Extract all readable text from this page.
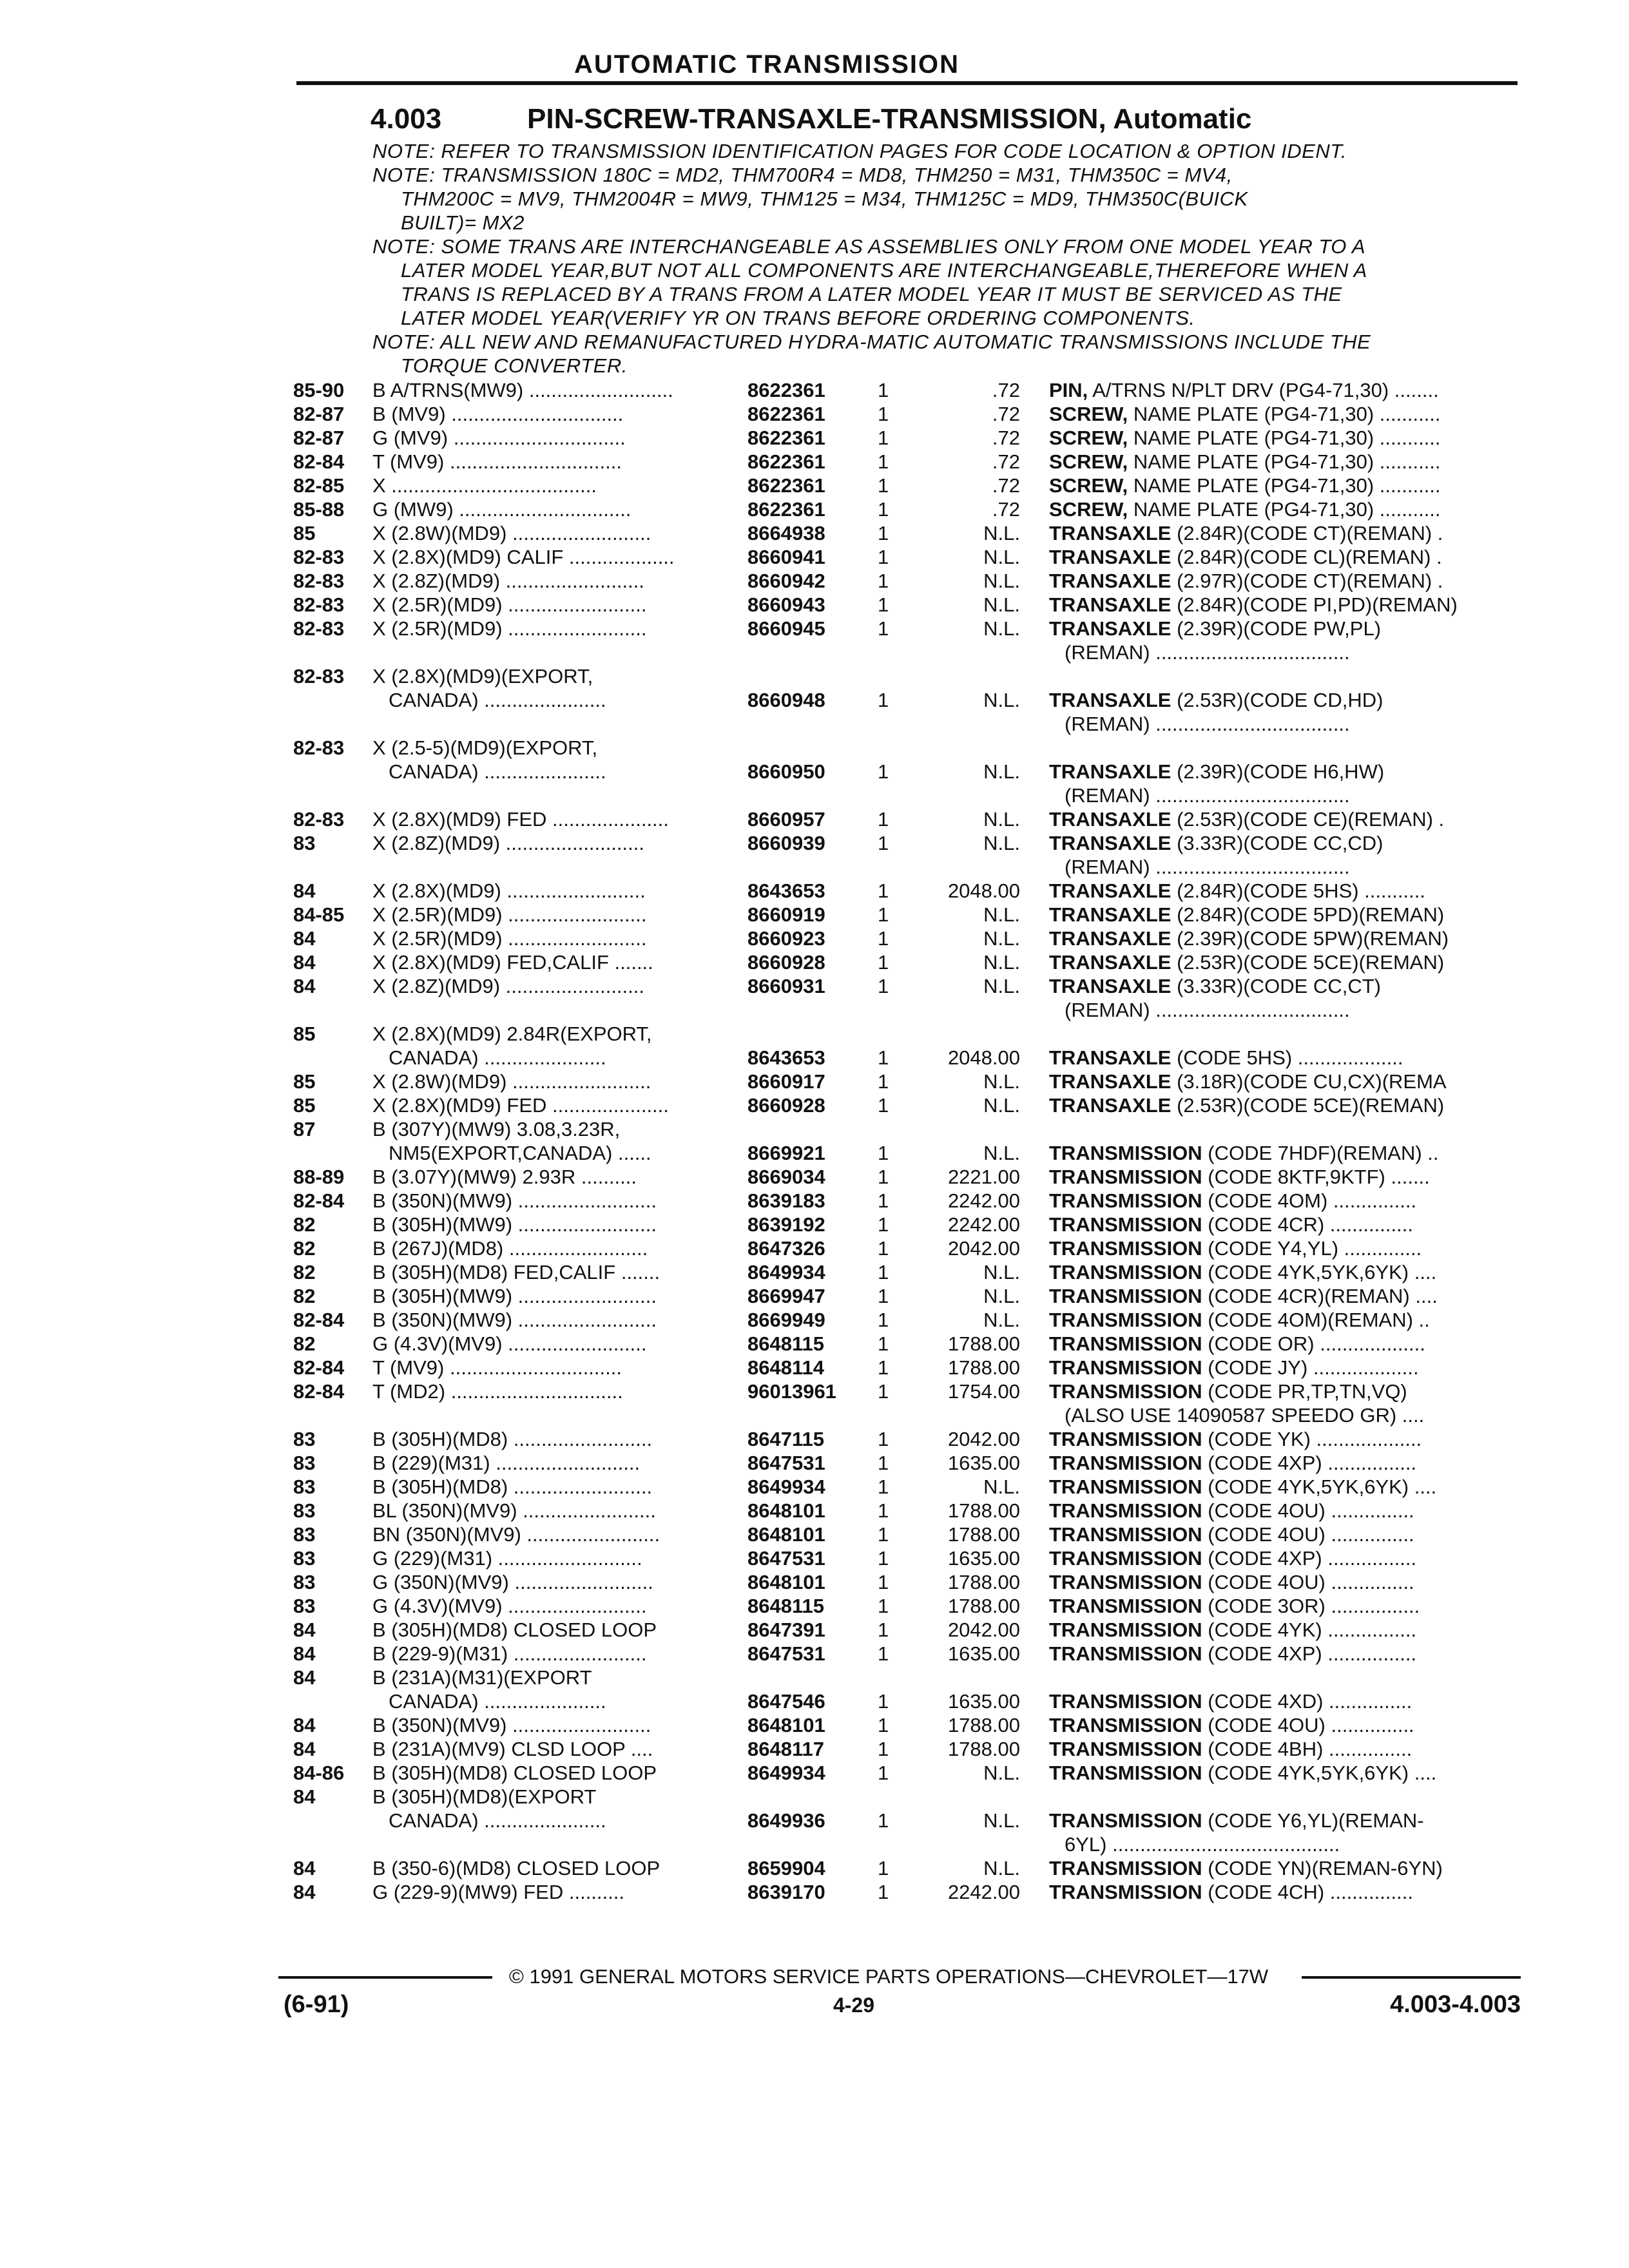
AUTOMATIC TRANSMISSION
4.003	PIN-SCREW-TRANSAXLE-TRANSMISSION, Automatic
NOTE: REFER TO TRANSMISSION IDENTIFICATION PAGES FOR CODE LOCATION & OPTION IDENT.
NOTE: TRANSMISSION 180C = MD2, THM700R4 = MD8, THM250 = M31, THM350C = MV4,
THM200C = MV9, THM2004R = MW9, THM125 = M34, THM125C = MD9, THM350C(BUICK
BUILT)= MX2
NOTE: SOME TRANS ARE INTERCHANGEABLE AS ASSEMBLIES ONLY FROM ONE MODEL YEAR TO A
LATER MODEL YEAR,BUT NOT ALL COMPONENTS ARE INTERCHANGEABLE,THEREFORE WHEN A
TRANS IS REPLACED BY A TRANS FROM A LATER MODEL YEAR IT MUST BE SERVICED AS THE
LATER MODEL YEAR(VERIFY YR ON TRANS BEFORE ORDERING COMPONENTS.
NOTE: ALL NEW AND REMANUFACTURED HYDRA-MATIC AUTOMATIC TRANSMISSIONS INCLUDE THE
TORQUE CONVERTER.
85-90 B A/TRNS(MW9) ..........................	8622361	1	.72 PIN, A/TRNS N/PLT DRV (PG4-71,30) ........
82-87 B (MV9) ...............................	8622361	1	.72 SCREW, NAME PLATE (PG4-71,30) ...........
82-87 G (MV9) ...............................	8622361	1	.72 SCREW, NAME PLATE (PG4-71,30) ...........
82-84 T (MV9) ...............................	8622361	1	.72 SCREW, NAME PLATE (PG4-71,30) ...........
82-85 X .....................................	8622361	1	.72 SCREW, NAME PLATE (PG4-71,30) ...........
85-88 G (MW9) ...............................	8622361	1	.72 SCREW, NAME PLATE (PG4-71,30) ...........
85	X (2.8W)(MD9) .........................	8664938	1	N.L. TRANSAXLE (2.84R)(CODE CT)(REMAN) .
82-83 X (2.8X)(MD9) CALIF ...................	8660941	1	N.L. TRANSAXLE (2.84R)(CODE CL)(REMAN) .
82-83 X (2.8Z)(MD9) .........................	8660942	1	N.L. TRANSAXLE (2.97R)(CODE CT)(REMAN) .
82-83 X (2.5R)(MD9) .........................	8660943	1	N.L. TRANSAXLE (2.84R)(CODE PI,PD)(REMAN)
82-83 X (2.5R)(MD9) .........................	8660945	1	N.L. TRANSAXLE (2.39R)(CODE PW,PL)
(REMAN) ...................................
82-83 X (2.8X)(MD9)(EXPORT,
CANADA) ......................	8660948	1	N.L. TRANSAXLE (2.53R)(CODE CD,HD)
(REMAN) ...................................
82-83 X (2.5-5)(MD9)(EXPORT,
CANADA) ......................	8660950	1	N.L. TRANSAXLE (2.39R)(CODE H6,HW)
(REMAN) ...................................
82-83 X (2.8X)(MD9) FED .....................	8660957	1	N.L. TRANSAXLE (2.53R)(CODE CE)(REMAN) .
83	X (2.8Z)(MD9) .........................	8660939	1	N.L. TRANSAXLE (3.33R)(CODE CC,CD)
(REMAN) ...................................
84	X (2.8X)(MD9) .........................	8643653	1	2048.00 TRANSAXLE (2.84R)(CODE 5HS) ...........
84-85 X (2.5R)(MD9) .........................	8660919	1	N.L. TRANSAXLE (2.84R)(CODE 5PD)(REMAN)
84	X (2.5R)(MD9) .........................	8660923	1	N.L. TRANSAXLE (2.39R)(CODE 5PW)(REMAN)
84	X (2.8X)(MD9) FED,CALIF .......	8660928	1	N.L. TRANSAXLE (2.53R)(CODE 5CE)(REMAN)
84	X (2.8Z)(MD9) .........................	8660931	1	N.L. TRANSAXLE (3.33R)(CODE CC,CT)
(REMAN) ...................................
85	X (2.8X)(MD9) 2.84R(EXPORT,
CANADA) ......................	8643653	1	2048.00 TRANSAXLE (CODE 5HS) ...................
85	X (2.8W)(MD9) .........................	8660917	1	N.L. TRANSAXLE (3.18R)(CODE CU,CX)(REMA
85	X (2.8X)(MD9) FED .....................	8660928	1	N.L. TRANSAXLE (2.53R)(CODE 5CE)(REMAN)
87	B (307Y)(MW9) 3.08,3.23R,
NM5(EXPORT,CANADA) ......	8669921	1	N.L. TRANSMISSION (CODE 7HDF)(REMAN) ..
88-89 B (3.07Y)(MW9) 2.93R ..........	8669034	1	2221.00 TRANSMISSION (CODE 8KTF,9KTF) .......
82-84 B (350N)(MW9) .........................	8639183	1	2242.00 TRANSMISSION (CODE 4OM) ...............
82	B (305H)(MW9) .........................	8639192	1	2242.00 TRANSMISSION (CODE 4CR) ...............
82	B (267J)(MD8) .........................	8647326	1	2042.00 TRANSMISSION (CODE Y4,YL) ..............
82	B (305H)(MD8) FED,CALIF .......	8649934	1	N.L. TRANSMISSION (CODE 4YK,5YK,6YK) ....
82	B (305H)(MW9) .........................	8669947	1	N.L. TRANSMISSION (CODE 4CR)(REMAN) ....
82-84 B (350N)(MW9) .........................	8669949	1	N.L. TRANSMISSION (CODE 4OM)(REMAN) ..
82	G (4.3V)(MV9) .........................	8648115	1	1788.00 TRANSMISSION (CODE OR) ...................
82-84 T (MV9) ...............................	8648114	1	1788.00 TRANSMISSION (CODE JY) ...................
82-84 T (MD2) ...............................	96013961 1	1754.00 TRANSMISSION (CODE PR,TP,TN,VQ)
(ALSO USE 14090587 SPEEDO GR) ....
83	B (305H)(MD8) .........................	8647115	1	2042.00 TRANSMISSION (CODE YK) ...................
83	B (229)(M31) ..........................	8647531	1	1635.00 TRANSMISSION (CODE 4XP) ................
83	B (305H)(MD8) .........................	8649934	1	N.L. TRANSMISSION (CODE 4YK,5YK,6YK) ....
83	BL (350N)(MV9) ........................	8648101	1	1788.00 TRANSMISSION (CODE 4OU) ...............
83	BN (350N)(MV9) ........................	8648101	1	1788.00 TRANSMISSION (CODE 4OU) ...............
83	G (229)(M31) ..........................	8647531	1	1635.00 TRANSMISSION (CODE 4XP) ................
83	G (350N)(MV9) .........................	8648101	1	1788.00 TRANSMISSION (CODE 4OU) ...............
83	G (4.3V)(MV9) .........................	8648115	1	1788.00 TRANSMISSION (CODE 3OR) ................
84	B (305H)(MD8) CLOSED LOOP	8647391	1	2042.00 TRANSMISSION (CODE 4YK) ................
84	B (229-9)(M31) ........................	8647531	1	1635.00 TRANSMISSION (CODE 4XP) ................
84	B (231A)(M31)(EXPORT
CANADA) ......................	8647546	1	1635.00 TRANSMISSION (CODE 4XD) ...............
84	B (350N)(MV9) .........................	8648101	1	1788.00 TRANSMISSION (CODE 4OU) ...............
84	B (231A)(MV9) CLSD LOOP ....	8648117	1	1788.00 TRANSMISSION (CODE 4BH) ...............
84-86 B (305H)(MD8) CLOSED LOOP	8649934	1	N.L. TRANSMISSION (CODE 4YK,5YK,6YK) ....
84	B (305H)(MD8)(EXPORT
CANADA) ......................	8649936	1	N.L. TRANSMISSION (CODE Y6,YL)(REMAN-
6YL) .........................................
84	B (350-6)(MD8) CLOSED LOOP	8659904	1	N.L. TRANSMISSION (CODE YN)(REMAN-6YN)
84	G (229-9)(MW9) FED ..........	8639170	1	2242.00 TRANSMISSION (CODE 4CH) ...............
© 1991 GENERAL MOTORS SERVICE PARTS OPERATIONS—CHEVROLET—17W
(6-91)	4-29	4.003-4.003
